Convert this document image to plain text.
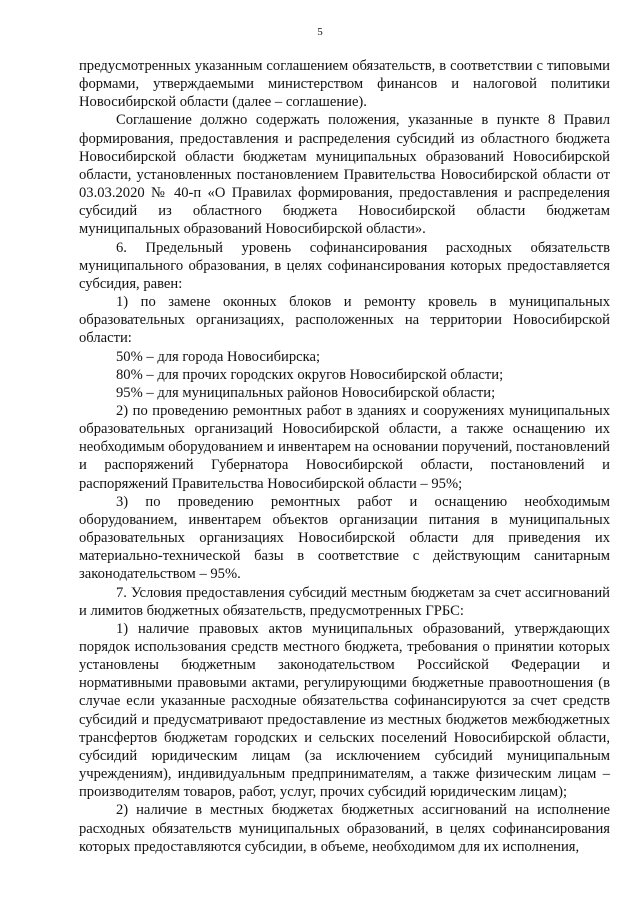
5

предусмотренных указанным соглашением обязательств, в соответствии с типовыми формами, утверждаемыми министерством финансов и налоговой политики Новосибирской области (далее – соглашение).

Соглашение должно содержать положения, указанные в пункте 8 Правил формирования, предоставления и распределения субсидий из областного бюджета Новосибирской области бюджетам муниципальных образований Новосибирской области, установленных постановлением Правительства Новосибирской области от 03.03.2020 № 40-п «О Правилах формирования, предоставления и распределения субсидий из областного бюджета Новосибирской области бюджетам муниципальных образований Новосибирской области».

6. Предельный уровень софинансирования расходных обязательств муниципального образования, в целях софинансирования которых предоставляется субсидия, равен:

1) по замене оконных блоков и ремонту кровель в муниципальных образовательных организациях, расположенных на территории Новосибирской области:

50% – для города Новосибирска;

80% – для прочих городских округов Новосибирской области;

95% – для муниципальных районов Новосибирской области;

2) по проведению ремонтных работ в зданиях и сооружениях муниципальных образовательных организаций Новосибирской области, а также оснащению их необходимым оборудованием и инвентарем на основании поручений, постановлений и распоряжений Губернатора Новосибирской области, постановлений и распоряжений Правительства Новосибирской области – 95%;

3) по проведению ремонтных работ и оснащению необходимым оборудованием, инвентарем объектов организации питания в муниципальных образовательных организациях Новосибирской области для приведения их материально-технической базы в соответствие с действующим санитарным законодательством – 95%.

7. Условия предоставления субсидий местным бюджетам за счет ассигнований и лимитов бюджетных обязательств, предусмотренных ГРБС:

1) наличие правовых актов муниципальных образований, утверждающих порядок использования средств местного бюджета, требования о принятии которых установлены бюджетным законодательством Российской Федерации и нормативными правовыми актами, регулирующими бюджетные правоотношения (в случае если указанные расходные обязательства софинансируются за счет средств субсидий и предусматривают предоставление из местных бюджетов межбюджетных трансфертов бюджетам городских и сельских поселений Новосибирской области, субсидий юридическим лицам (за исключением субсидий муниципальным учреждениям), индивидуальным предпринимателям, а также физическим лицам – производителям товаров, работ, услуг, прочих субсидий юридическим лицам);

2) наличие в местных бюджетах бюджетных ассигнований на исполнение расходных обязательств муниципальных образований, в целях софинансирования которых предоставляются субсидии, в объеме, необходимом для их исполнения,
